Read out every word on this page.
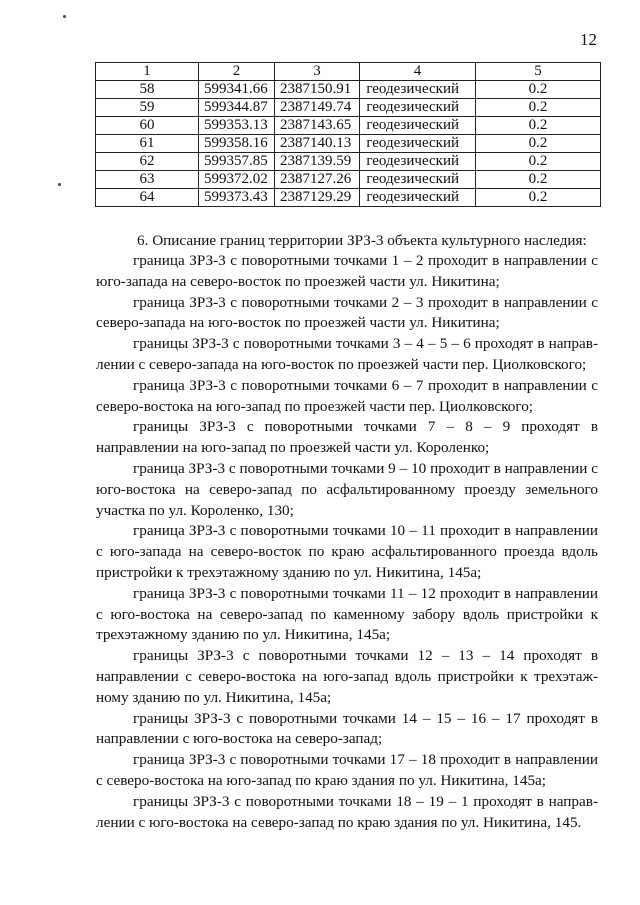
12
1	2	3	4	5
58	599341.66	2387150.91	геодезический	0.2
59	599344.87	2387149.74	геодезический	0.2
60	599353.13	2387143.65	геодезический	0.2
61	599358.16	2387140.13	геодезический	0.2
62	599357.85	2387139.59	геодезический	0.2
63	599372.02	2387127.26	геодезический	0.2
64	599373.43	2387129.29	геодезический	0.2
6. Описание границ территории ЗРЗ-3 объекта культурного наследия:

граница ЗРЗ-3 с поворотными точками 1 – 2 проходит в направлении с юго-запада на северо-восток по проезжей части ул. Никитина;

граница ЗРЗ-3 с поворотными точками 2 – 3 проходит в направлении с северо-запада на юго-восток по проезжей части ул. Никитина;

границы ЗРЗ-3 с поворотными точками 3 – 4 – 5 – 6 проходят в направлении с северо-запада на юго-восток по проезжей части пер. Циолковского;

граница ЗРЗ-3 с поворотными точками 6 – 7 проходит в направлении с северо-востока на юго-запад по проезжей части пер. Циолковского;

границы ЗРЗ-3 с поворотными точками 7 – 8 – 9 проходят в направлении на юго-запад по проезжей части ул. Короленко;

граница ЗРЗ-3 с поворотными точками 9 – 10 проходит в направлении с юго-востока на северо-запад по асфальтированному проезду земельного участка по ул. Короленко, 130;

граница ЗРЗ-3 с поворотными точками 10 – 11 проходит в направлении с юго-запада на северо-восток по краю асфальтированного проезда вдоль пристройки к трехэтажному зданию по ул. Никитина, 145а;

граница ЗРЗ-3 с поворотными точками 11 – 12 проходит в направлении с юго-востока на северо-запад по каменному забору вдоль пристройки к трехэтажному зданию по ул. Никитина, 145а;

границы ЗРЗ-3 с поворотными точками 12 – 13 – 14 проходят в направлении с северо-востока на юго-запад вдоль пристройки к трехэтажному зданию по ул. Никитина, 145а;

границы ЗРЗ-3 с поворотными точками 14 – 15 – 16 – 17 проходят в направлении с юго-востока на северо-запад;

граница ЗРЗ-3 с поворотными точками 17 – 18 проходит в направлении с северо-востока на юго-запад по краю здания по ул. Никитина, 145а;

границы ЗРЗ-3 с поворотными точками 18 – 19 – 1 проходят в направлении с юго-востока на северо-запад по краю здания по ул. Никитина, 145.
